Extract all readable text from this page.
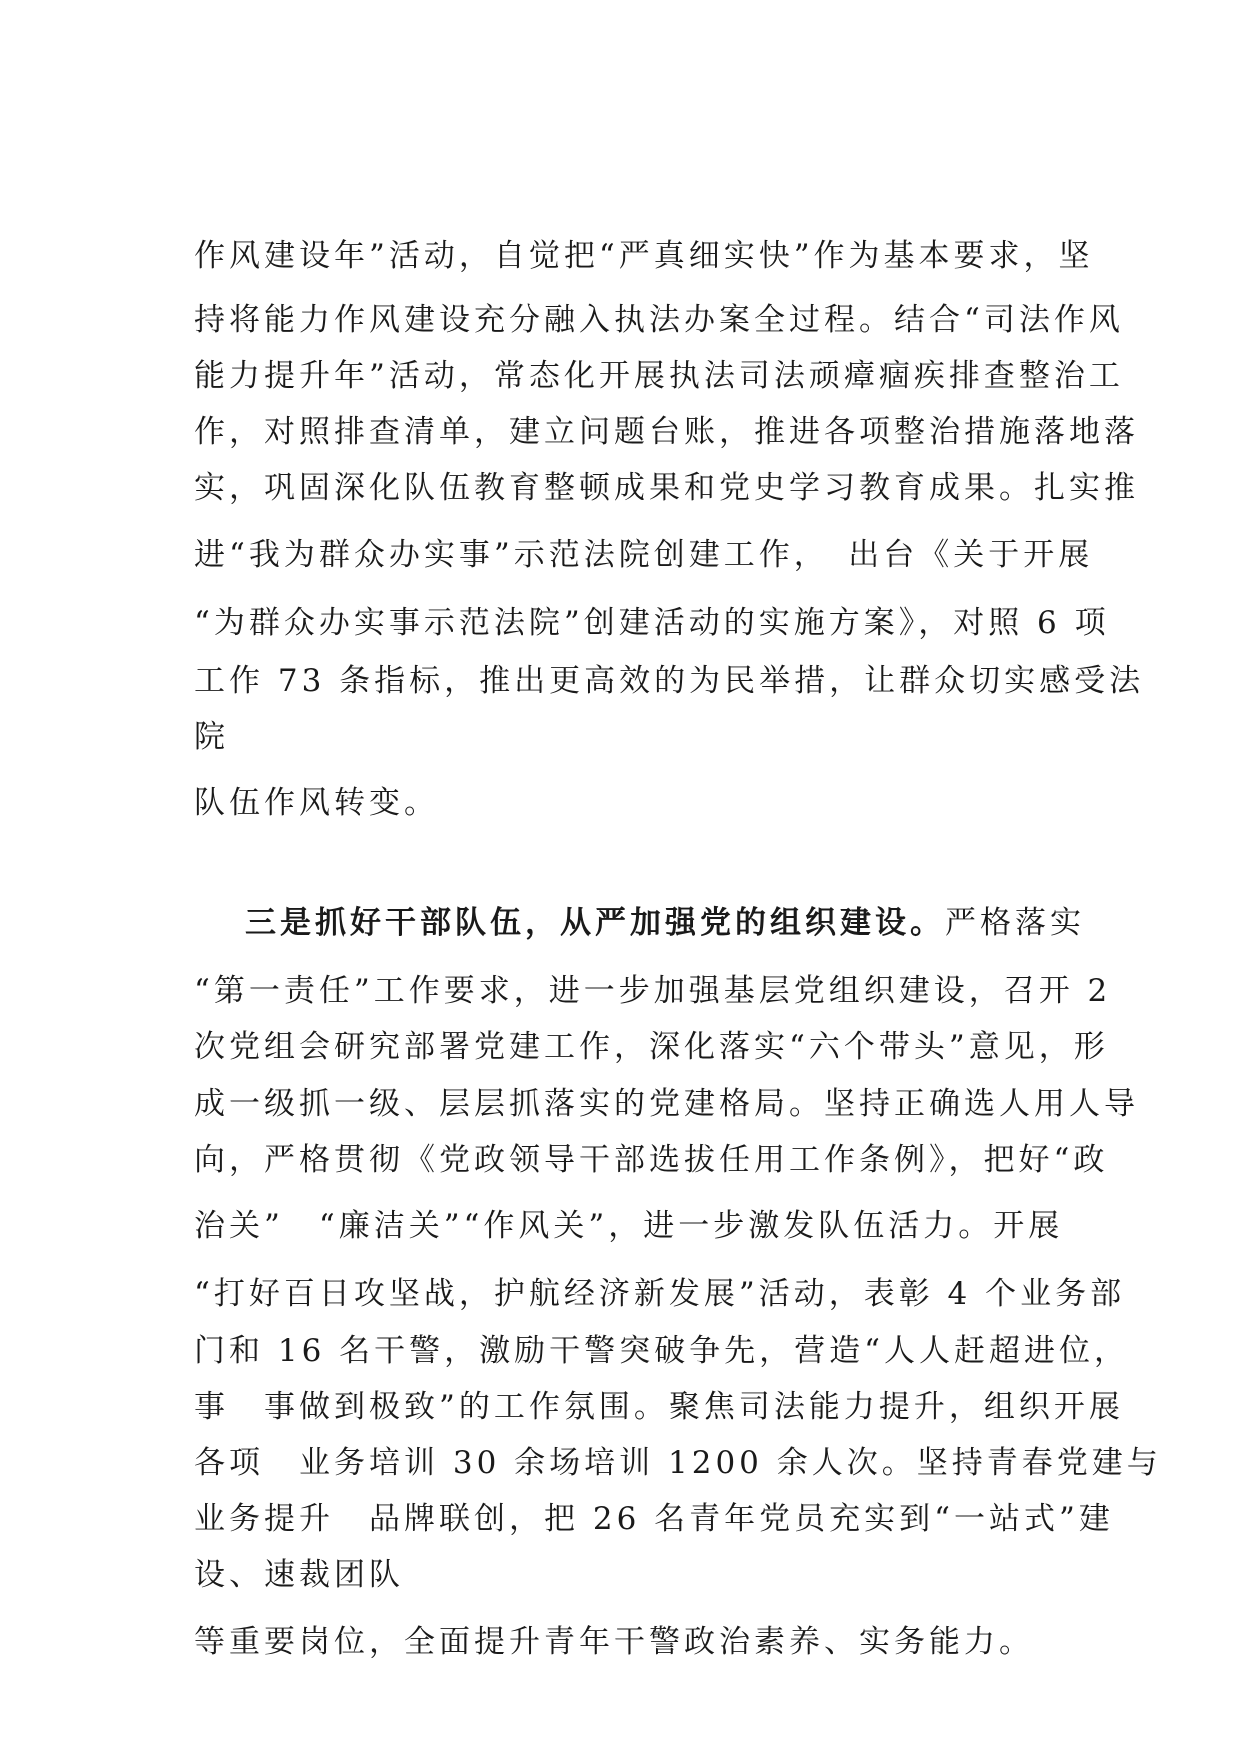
作风建设年”活动，自觉把“严真细实快”作为基本要求，坚
持将能力作风建设充分融入执法办案全过程。结合“司法作风
能力提升年”活动，常态化开展执法司法顽瘴痼疾排查整治工
作，对照排查清单，建立问题台账，推进各项整治措施落地落
实，巩固深化队伍教育整顿成果和党史学习教育成果。扎实推
进“我为群众办实事”示范法院创建工作，　出台《关于开展
“为群众办实事示范法院”创建活动的实施方案》，对照 6 项
工作 73 条指标，推出更高效的为民举措，让群众切实感受法
院
队伍作风转变。
三是抓好干部队伍，从严加强党的组织建设。严格落实
“第一责任”工作要求，进一步加强基层党组织建设，召开 2
次党组会研究部署党建工作，深化落实“六个带头”意见，形
成一级抓一级、层层抓落实的党建格局。坚持正确选人用人导
向，严格贯彻《党政领导干部选拔任用工作条例》，把好“政
治关”　“廉洁关”“作风关”，进一步激发队伍活力。开展
“打好百日攻坚战，护航经济新发展”活动，表彰 4 个业务部
门和 16 名干警，激励干警突破争先，营造“人人赶超进位，
事　事做到极致”的工作氛围。聚焦司法能力提升，组织开展
各项　业务培训 30 余场培训 1200 余人次。坚持青春党建与
业务提升　品牌联创，把 26 名青年党员充实到“一站式”建
设、速裁团队
等重要岗位，全面提升青年干警政治素养、实务能力。
